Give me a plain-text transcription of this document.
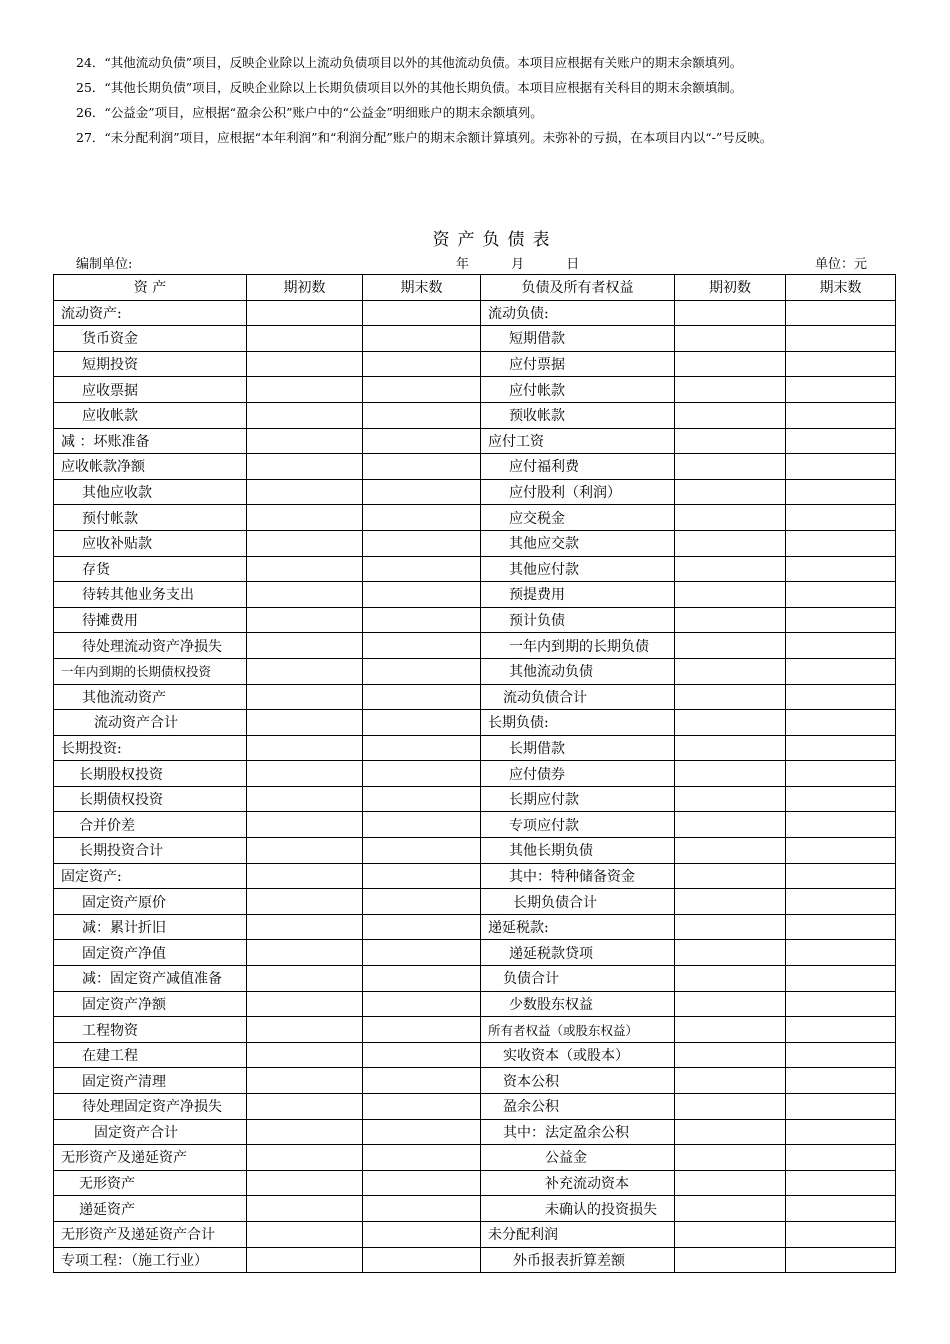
24．“其他流动负债”项目，反映企业除以上流动负债项目以外的其他流动负债。本项目应根据有关账户的期末余额填列。

25．“其他长期负债”项目，反映企业除以上长期负债项目以外的其他长期负债。本项目应根据有关科目的期末余额填制。

26．“公益金”项目，应根据“盈余公积”账户中的“公益金”明细账户的期末余额填列。

27．“未分配利润”项目，应根据“本年利润”和“利润分配”账户的期末余额计算填列。未弥补的亏损，在本项目内以“-”号反映。

资产负债表
编制单位:	年 月 日	单位：元
资 产	期初数	期末数	负债及所有者权益	期初数	期末数
流动资产:			流动负债:		
货币资金			短期借款		
短期投资			应付票据		
应收票据			应付帐款		
应收帐款			预收帐款		
减 ：坏账准备			应付工资		
应收帐款净额			应付福利费		
其他应收款			应付股利（利润）		
预付帐款			应交税金		
应收补贴款			其他应交款		
存货			其他应付款		
待转其他业务支出			预提费用		
待摊费用			预计负债		
待处理流动资产净损失			一年内到期的长期负债		
一年内到期的长期债权投资			其他流动负债		
其他流动资产			流动负债合计		
流动资产合计			长期负债:		
长期投资:			长期借款		
长期股权投资			应付债券		
长期债权投资			长期应付款		
合并价差			专项应付款		
长期投资合计			其他长期负债		
固定资产:			其中：特种储备资金		
固定资产原价			长期负债合计		
减：累计折旧			递延税款:		
固定资产净值			递延税款贷项		
减：固定资产减值准备			负债合计		
固定资产净额			少数股东权益		
工程物资			所有者权益（或股东权益）		
在建工程			实收资本（或股本）		
固定资产清理			资本公积		
待处理固定资产净损失			盈余公积		
固定资产合计			其中：法定盈余公积		
无形资产及递延资产			公益金		
无形资产			补充流动资本		
递延资产			未确认的投资损失		
无形资产及递延资产合计			未分配利润		
专项工程：（施工行业）			外币报表折算差额		
